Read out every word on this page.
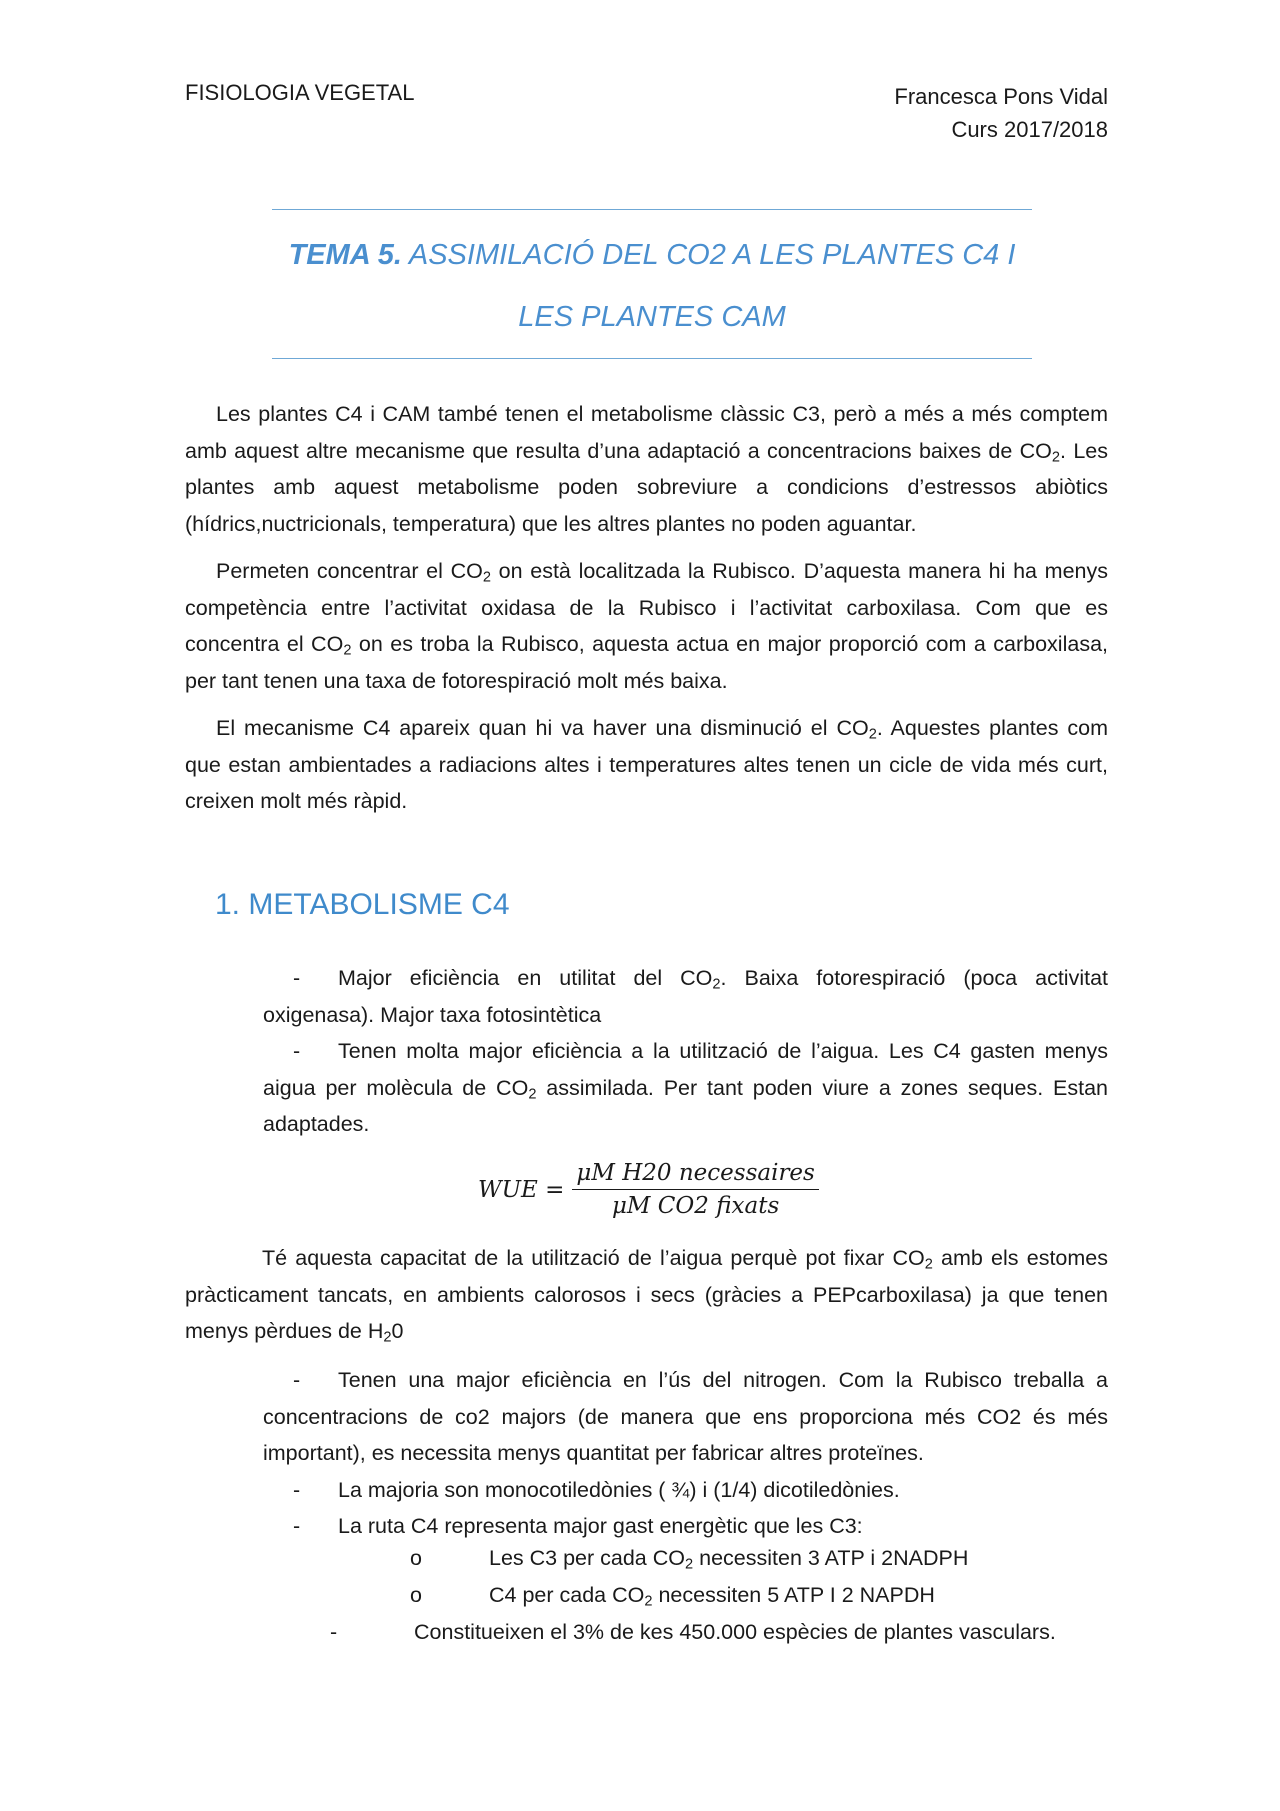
FISIOLOGIA VEGETAL	Francesca Pons Vidal
Curs 2017/2018
TEMA 5. ASSIMILACIÓ DEL CO2 A LES PLANTES C4 I
LES PLANTES CAM

Les plantes C4 i CAM també tenen el metabolisme clàssic C3, però a més a més comptem amb aquest altre mecanisme que resulta d’una adaptació a concentracions baixes de $CO_2$. Les plantes amb aquest metabolisme poden sobreviure a condicions d’estressos abiòtics (hídrics,nuctricionals, temperatura) que les altres plantes no poden aguantar.

Permeten concentrar el $CO_2$ on està localitzada la Rubisco. D’aquesta manera hi ha menys competència entre l’activitat oxidasa de la Rubisco i l’activitat carboxilasa. Com que es concentra el $CO_2$ on es troba la Rubisco, aquesta actua en major proporció com a carboxilasa, per tant tenen una taxa de fotorespiració molt més baixa.

El mecanisme C4 apareix quan hi va haver una disminució el $CO_2$. Aquestes plantes com que estan ambientades a radiacions altes i temperatures altes tenen un cicle de vida més curt, creixen molt més ràpid.

1. METABOLISME C4

- Major eficiència en utilitat del $CO_2$. Baixa fotorespiració (poca activitat oxigenasa). Major taxa fotosintètica

- Tenen molta major eficiència a la utilització de l’aigua. Les C4 gasten menys aigua per molècula de $CO_2$ assimilada. Per tant poden viure a zones seques. Estan adaptades.

WUE = $\frac{\text{μM H20 necessaires}}{\text{μM CO2 fixats}}$

Té aquesta capacitat de la utilització de l’aigua perquè pot fixar $CO_2$ amb els estomes pràcticament tancats, en ambients calorosos i secs (gràcies a PEPcarboxilasa) ja que tenen menys pèrdues de $H_20$

- Tenen una major eficiència en l’ús del nitrogen. Com la Rubisco treballa a concentracions de co2 majors (de manera que ens proporciona més CO2 és més important), es necessita menys quantitat per fabricar altres proteïnes.

- La majoria son monocotiledònies ( ¾) i (1/4) dicotiledònies.

- La ruta C4 representa major gast energètic que les C3:

o	Les C3 per cada $CO_2$ necessiten 3 ATP i 2NADPH
o	C4 per cada $CO_2$ necessiten 5 ATP I 2 NAPDH
-	Constitueixen el 3% de kes 450.000 espècies de plantes vasculars.
